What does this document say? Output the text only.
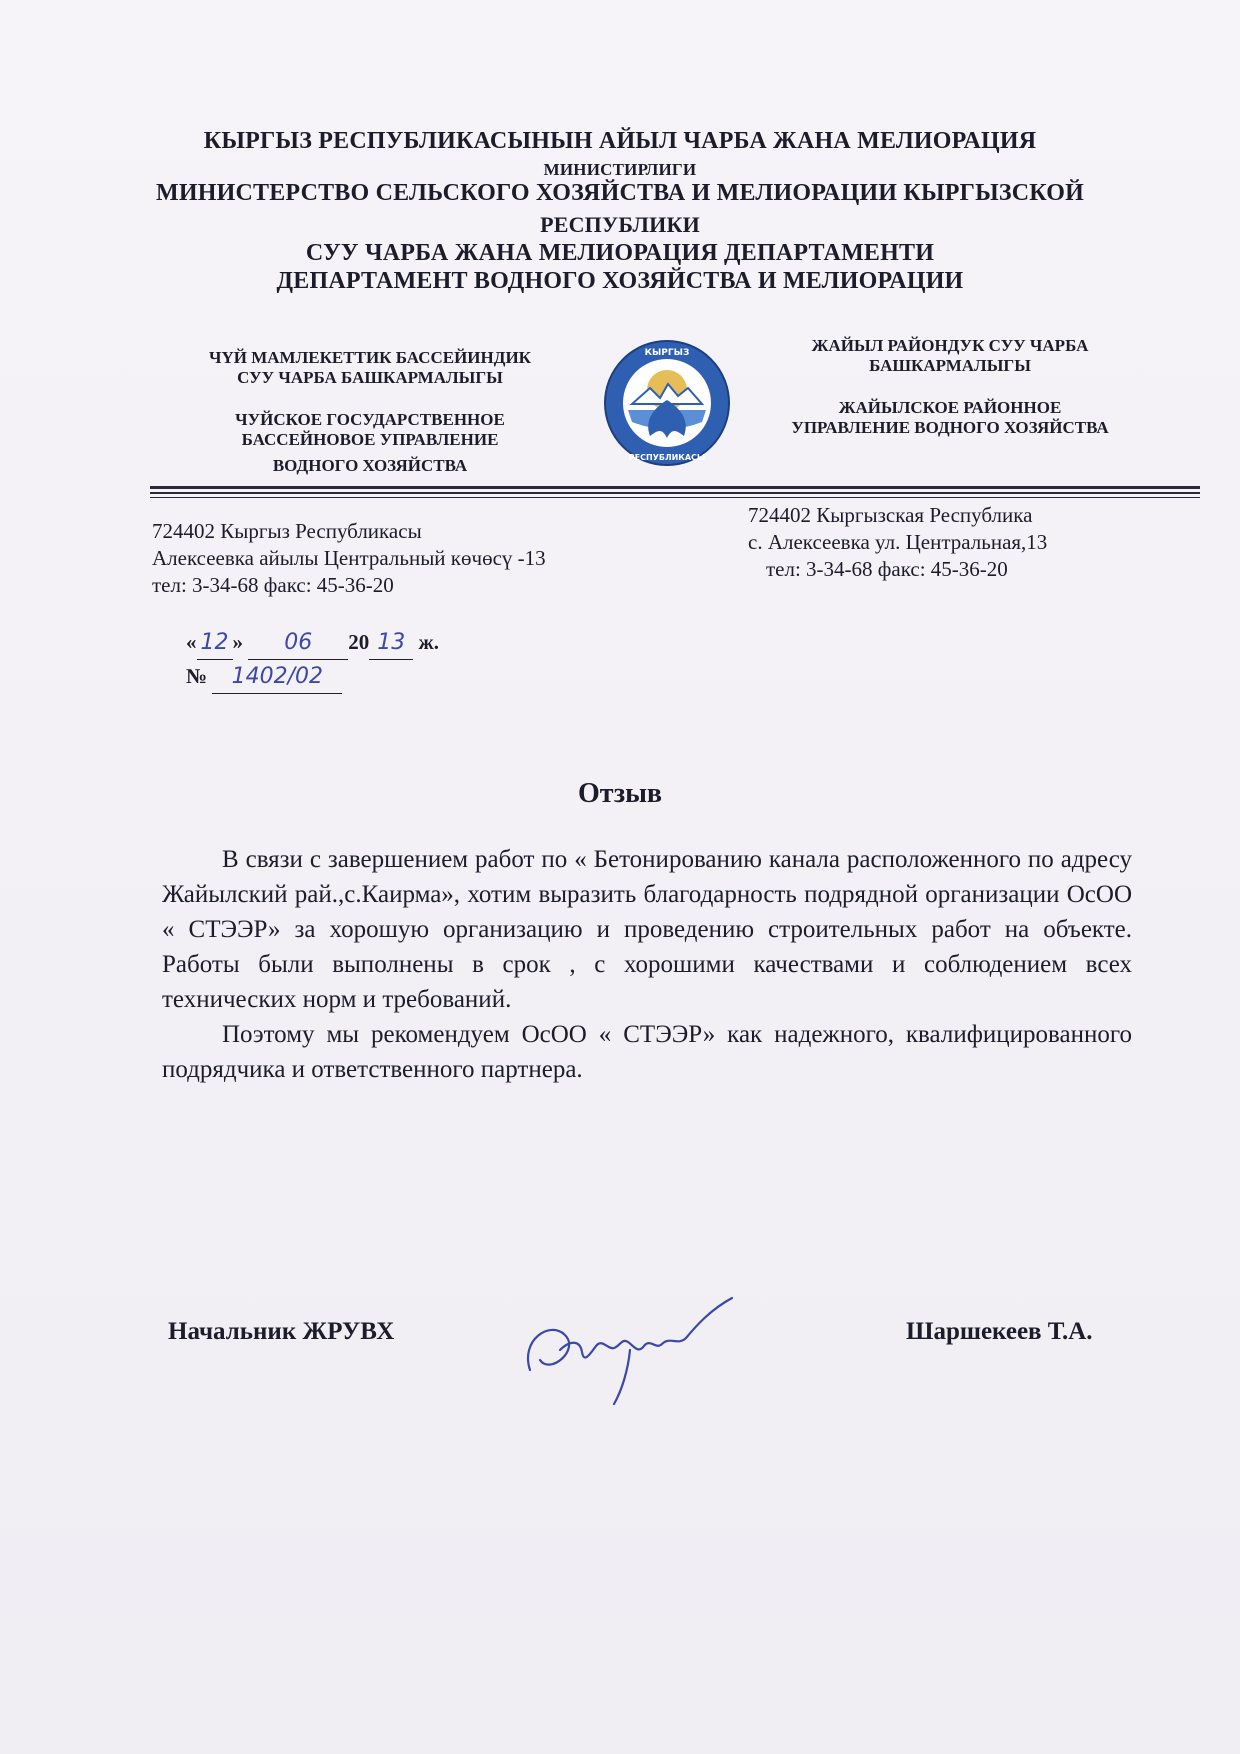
КЫРГЫЗ РЕСПУБЛИКАСЫНЫН АЙЫЛ ЧАРБА ЖАНА МЕЛИОРАЦИЯ
МИНИСТИРЛИГИ
МИНИСТЕРСТВО СЕЛЬСКОГО ХОЗЯЙСТВА И МЕЛИОРАЦИИ КЫРГЫЗСКОЙ
РЕСПУБЛИКИ
СУУ ЧАРБА ЖАНА МЕЛИОРАЦИЯ ДЕПАРТАМЕНТИ
ДЕПАРТАМЕНТ ВОДНОГО ХОЗЯЙСТВА И МЕЛИОРАЦИИ
ЧҮЙ МАМЛЕКЕТТИК БАССЕЙИНДИК
СУУ ЧАРБА БАШКАРМАЛЫГЫ
ЧУЙСКОЕ ГОСУДАРСТВЕННОЕ
БАССЕЙНОВОЕ УПРАВЛЕНИЕ
ВОДНОГО ХОЗЯЙСТВА
КЫРГЫЗ
РЕСПУБЛИКАСЫ
ЖАЙЫЛ РАЙОНДУК СУУ ЧАРБА
БАШКАРМАЛЫГЫ
ЖАЙЫЛСКОЕ РАЙОННОЕ
УПРАВЛЕНИЕ ВОДНОГО ХОЗЯЙСТВА
724402 Кыргыз Республикасы
Алексеевка айылы Центральный көчөсү -13
тел: 3-34-68 факс: 45-36-20
724402 Кыргызская Республика
с. Алексеевка ул. Центральная,13
тел: 3-34-68 факс: 45-36-20
« 12 » 06 20 13 ж.
№ 1402/02
Отзыв

В связи с завершением работ по « Бетонированию канала расположенного по адресу Жайылский рай.,с.Каирма», хотим выразить благодарность подрядной организации ОсОО « СТЭЭР» за хорошую организацию и проведению строительных работ на объекте. Работы были выполнены в срок , с хорошими качествами и соблюдением всех технических норм и требований.

Поэтому мы рекомендуем ОсОО « СТЭЭР» как надежного, квалифицированного подрядчика и ответственного партнера.

Начальник ЖРУВХ	Шаршекеев Т.А.
